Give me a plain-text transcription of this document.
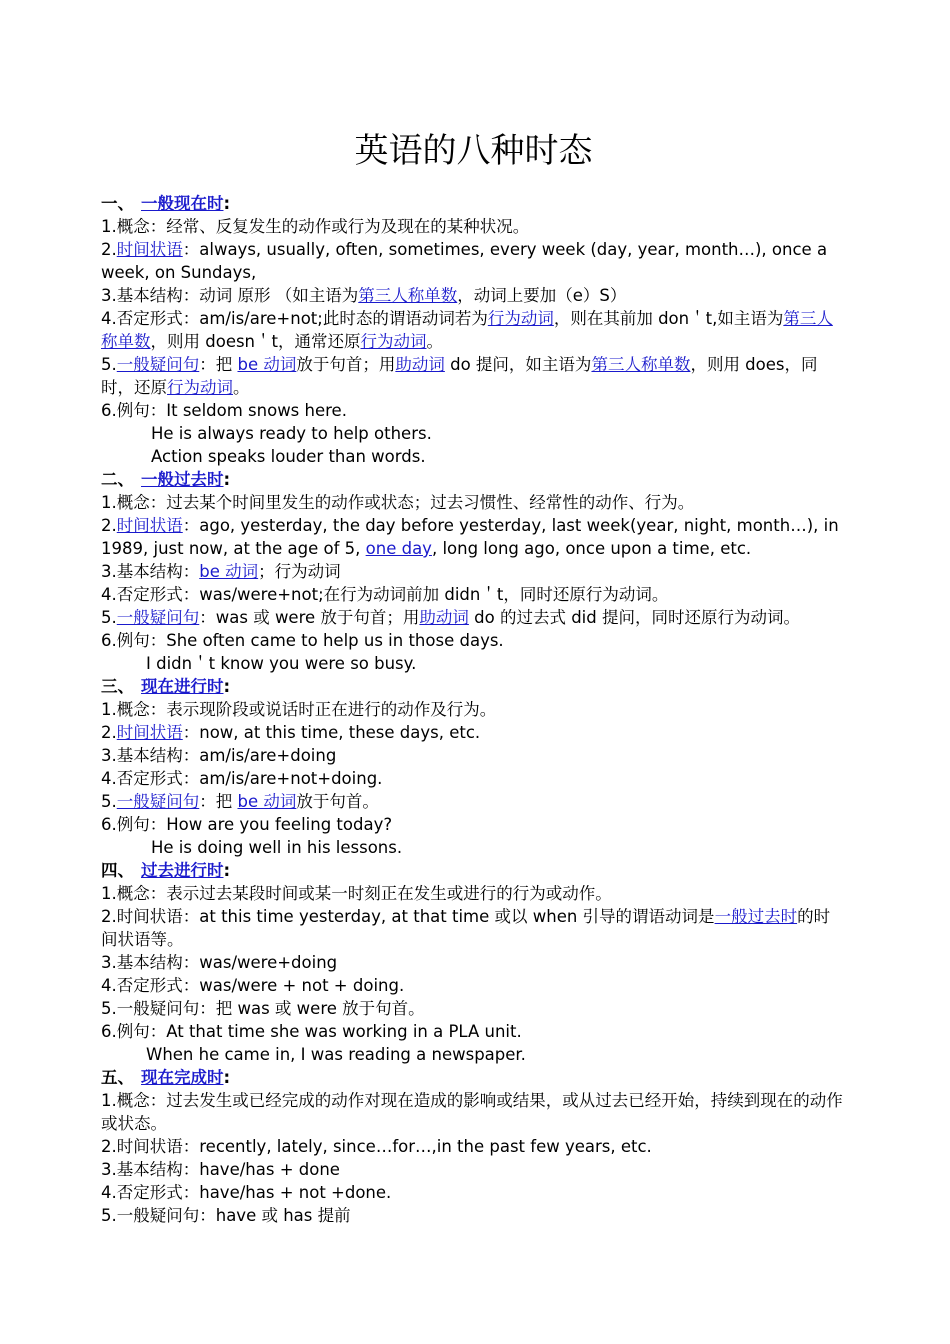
英语的八种时态
一、 一般现在时:
1.概念：经常、反复发生的动作或行为及现在的某种状况。
2.时间状语：always, usually, often, sometimes, every week (day, year, month…), once a week, on Sundays,
3.基本结构：动词 原形 （如主语为第三人称单数，动词上要加（e）S）
4.否定形式：am/is/are+not;此时态的谓语动词若为行为动词，则在其前加 don＇t,如主语为第三人称单数，则用 doesn＇t，通常还原行为动词。
5.一般疑问句：把 be 动词放于句首；用助动词 do 提问，如主语为第三人称单数，则用 does，同时，还原行为动词。
6.例句：It seldom snows here.
He is always ready to help others.
Action speaks louder than words.
二、 一般过去时:
1.概念：过去某个时间里发生的动作或状态；过去习惯性、经常性的动作、行为。
2.时间状语：ago, yesterday, the day before yesterday, last week(year, night, month…), in 1989, just now, at the age of 5, one day, long long ago, once upon a time, etc.
3.基本结构：be 动词；行为动词
4.否定形式：was/were+not;在行为动词前加 didn＇t，同时还原行为动词。
5.一般疑问句：was 或 were 放于句首；用助动词 do 的过去式 did 提问，同时还原行为动词。
6.例句：She often came to help us in those days.
I didn＇t know you were so busy.
三、 现在进行时:
1.概念：表示现阶段或说话时正在进行的动作及行为。
2.时间状语：now, at this time, these days, etc.
3.基本结构：am/is/are+doing
4.否定形式：am/is/are+not+doing.
5.一般疑问句：把 be 动词放于句首。
6.例句：How are you feeling today?
He is doing well in his lessons.
四、 过去进行时:
1.概念：表示过去某段时间或某一时刻正在发生或进行的行为或动作。
2.时间状语：at this time yesterday, at that time 或以 when 引导的谓语动词是一般过去时的时间状语等。
3.基本结构：was/were+doing
4.否定形式：was/were + not + doing.
5.一般疑问句：把 was 或 were 放于句首。
6.例句：At that time she was working in a PLA unit.
When he came in, I was reading a newspaper.
五、 现在完成时:
1.概念：过去发生或已经完成的动作对现在造成的影响或结果，或从过去已经开始，持续到现在的动作或状态。
2.时间状语：recently, lately, since…for…,in the past few years, etc.
3.基本结构：have/has + done
4.否定形式：have/has + not +done.
5.一般疑问句：have 或 has 提前
